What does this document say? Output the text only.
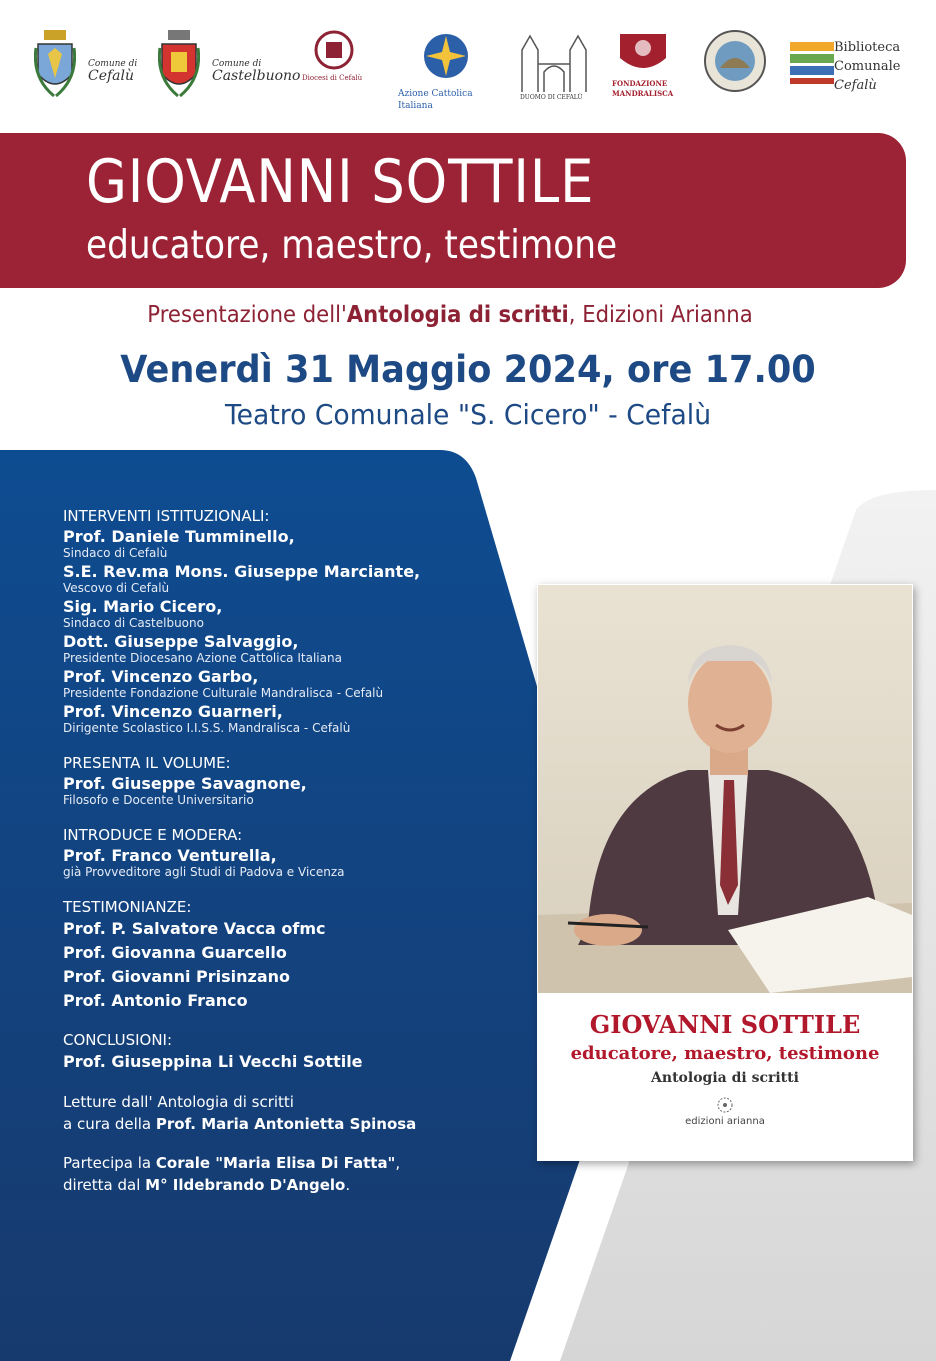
Comune di
Cefalù
Comune di
Castelbuono Diocesi di Cefalù
Azione Cattolica Italiana
DUOMO DI CEFALÙ
FONDAZIONE
MANDRALISCA
Biblioteca
Comunale
Cefalù
GIOVANNI SOTTILE
educatore, maestro, testimone
Presentazione dell'Antologia di scritti, Edizioni Arianna
Venerdì 31 Maggio 2024, ore 17.00
Teatro Comunale "S. Cicero" - Cefalù
INTERVENTI ISTITUZIONALI:
Prof. Daniele Tumminello,
Sindaco di Cefalù
S.E. Rev.ma Mons. Giuseppe Marciante,
Vescovo di Cefalù
Sig. Mario Cicero,
Sindaco di Castelbuono
Dott. Giuseppe Salvaggio,
Presidente Diocesano Azione Cattolica Italiana
Prof. Vincenzo Garbo,
Presidente Fondazione Culturale Mandralisca - Cefalù
Prof. Vincenzo Guarneri,
Dirigente Scolastico I.I.S.S. Mandralisca - Cefalù
PRESENTA IL VOLUME:
Prof. Giuseppe Savagnone,
Filosofo e Docente Universitario
INTRODUCE E MODERA:
Prof. Franco Venturella,
già Provveditore agli Studi di Padova e Vicenza
TESTIMONIANZE:
Prof. P. Salvatore Vacca ofmc
Prof. Giovanna Guarcello
Prof. Giovanni Prisinzano
Prof. Antonio Franco
CONCLUSIONI:
Prof. Giuseppina Li Vecchi Sottile
Letture dall' Antologia di scritti
a cura della Prof. Maria Antonietta Spinosa
Partecipa la Corale "Maria Elisa Di Fatta",
diretta dal M° Ildebrando D'Angelo.
GIOVANNI SOTTILE
educatore, maestro, testimone
Antologia di scritti
edizioni arianna
